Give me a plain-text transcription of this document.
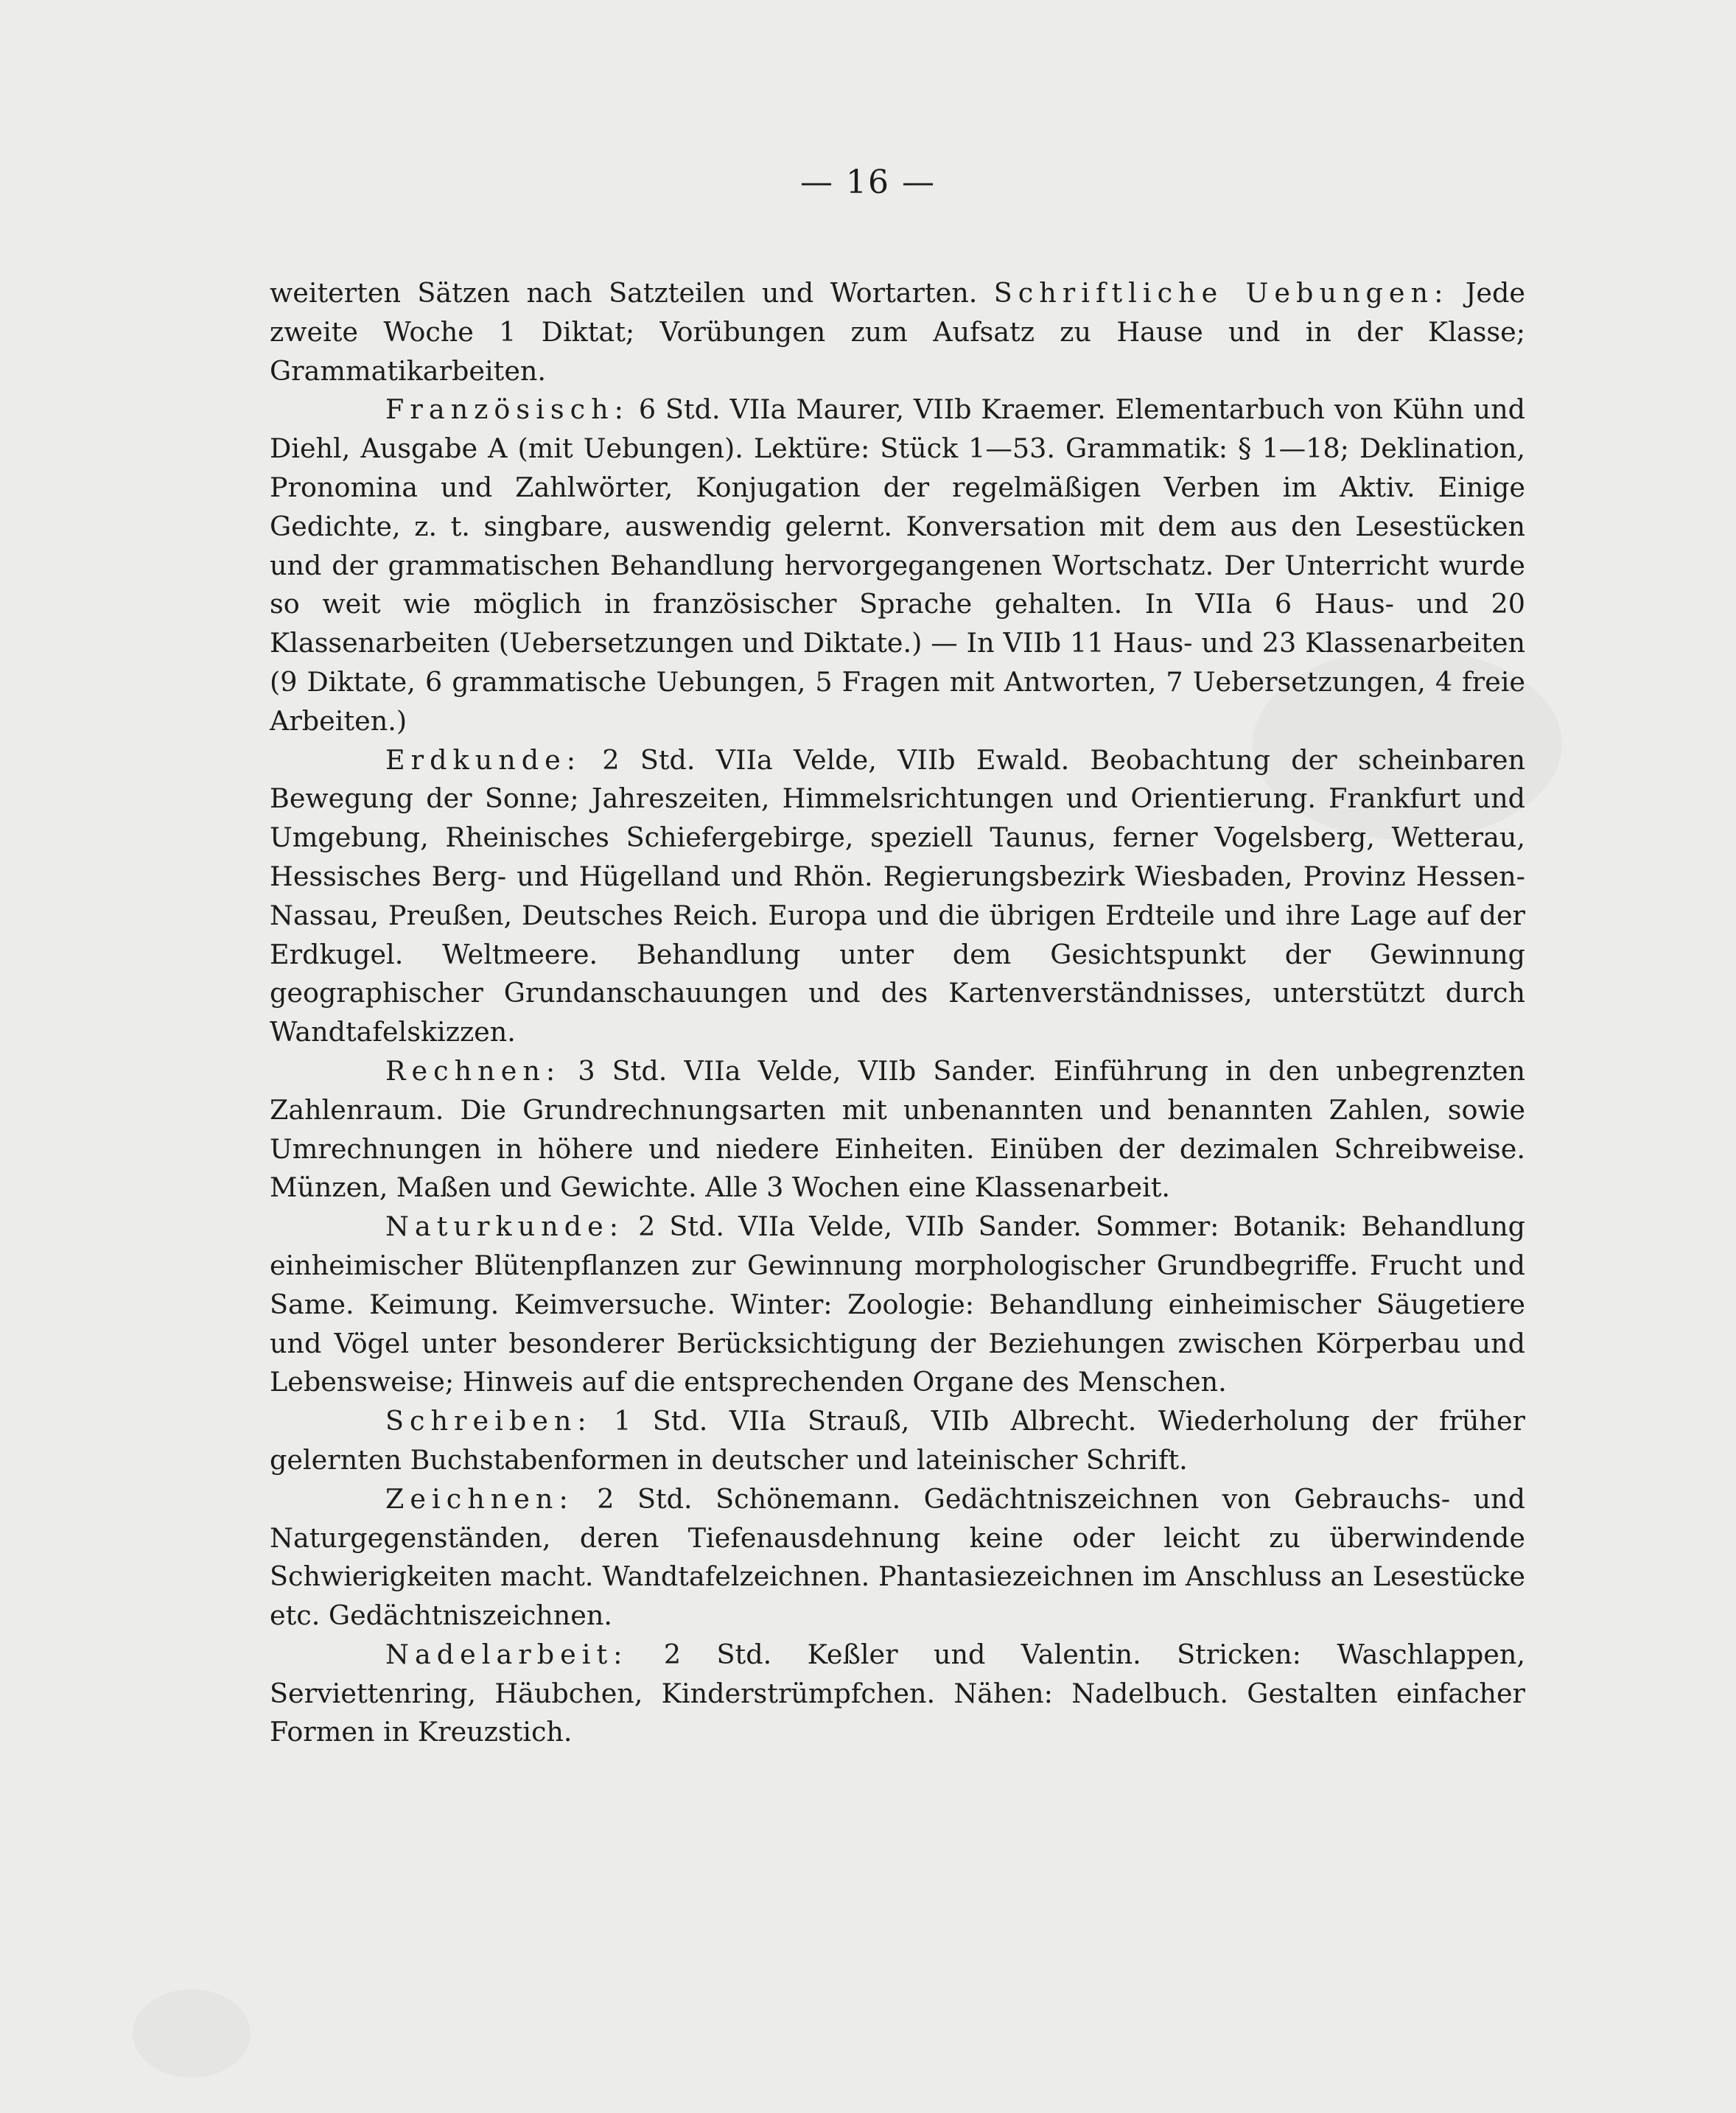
— 16 —

weiterten Sätzen nach Satzteilen und Wortarten. Schriftliche Uebungen: Jede zweite Woche 1 Diktat; Vorübungen zum Aufsatz zu Hause und in der Klasse; Grammatikarbeiten.

Französisch: 6 Std. VIIa Maurer, VIIb Kraemer. Elementarbuch von Kühn und Diehl, Ausgabe A (mit Uebungen). Lektüre: Stück 1—53. Grammatik: § 1—18; Deklination, Pronomina und Zahlwörter, Konjugation der regelmäßigen Verben im Aktiv. Einige Gedichte, z. t. singbare, auswendig gelernt. Konversation mit dem aus den Lesestücken und der grammatischen Behandlung hervorgegangenen Wortschatz. Der Unterricht wurde so weit wie möglich in französischer Sprache gehalten. In VIIa 6 Haus- und 20 Klassenarbeiten (Uebersetzungen und Diktate.) — In VIIb 11 Haus- und 23 Klassenarbeiten (9 Diktate, 6 grammatische Uebungen, 5 Fragen mit Antworten, 7 Uebersetzungen, 4 freie Arbeiten.)

Erdkunde: 2 Std. VIIa Velde, VIIb Ewald. Beobachtung der scheinbaren Bewegung der Sonne; Jahreszeiten, Himmelsrichtungen und Orientierung. Frankfurt und Umgebung, Rheinisches Schiefergebirge, speziell Taunus, ferner Vogelsberg, Wetterau, Hessisches Berg- und Hügelland und Rhön. Regierungsbezirk Wiesbaden, Provinz Hessen-Nassau, Preußen, Deutsches Reich. Europa und die übrigen Erdteile und ihre Lage auf der Erdkugel. Weltmeere. Behandlung unter dem Gesichtspunkt der Gewinnung geographischer Grundanschauungen und des Kartenverständnisses, unterstützt durch Wandtafelskizzen.

Rechnen: 3 Std. VIIa Velde, VIIb Sander. Einführung in den unbegrenzten Zahlenraum. Die Grundrechnungsarten mit unbenannten und benannten Zahlen, sowie Umrechnungen in höhere und niedere Einheiten. Einüben der dezimalen Schreibweise. Münzen, Maßen und Gewichte. Alle 3 Wochen eine Klassenarbeit.

Naturkunde: 2 Std. VIIa Velde, VIIb Sander. Sommer: Botanik: Behandlung einheimischer Blütenpflanzen zur Gewinnung morphologischer Grundbegriffe. Frucht und Same. Keimung. Keimversuche. Winter: Zoologie: Behandlung einheimischer Säugetiere und Vögel unter besonderer Berücksichtigung der Beziehungen zwischen Körperbau und Lebensweise; Hinweis auf die entsprechenden Organe des Menschen.

Schreiben: 1 Std. VIIa Strauß, VIIb Albrecht. Wiederholung der früher gelernten Buchstabenformen in deutscher und lateinischer Schrift.

Zeichnen: 2 Std. Schönemann. Gedächtniszeichnen von Gebrauchs- und Naturgegenständen, deren Tiefenausdehnung keine oder leicht zu überwindende Schwierigkeiten macht. Wandtafelzeichnen. Phantasiezeichnen im Anschluss an Lesestücke etc. Gedächtniszeichnen.

Nadelarbeit: 2 Std. Keßler und Valentin. Stricken: Waschlappen, Serviettenring, Häubchen, Kinderstrümpfchen. Nähen: Nadelbuch. Gestalten einfacher Formen in Kreuzstich.
